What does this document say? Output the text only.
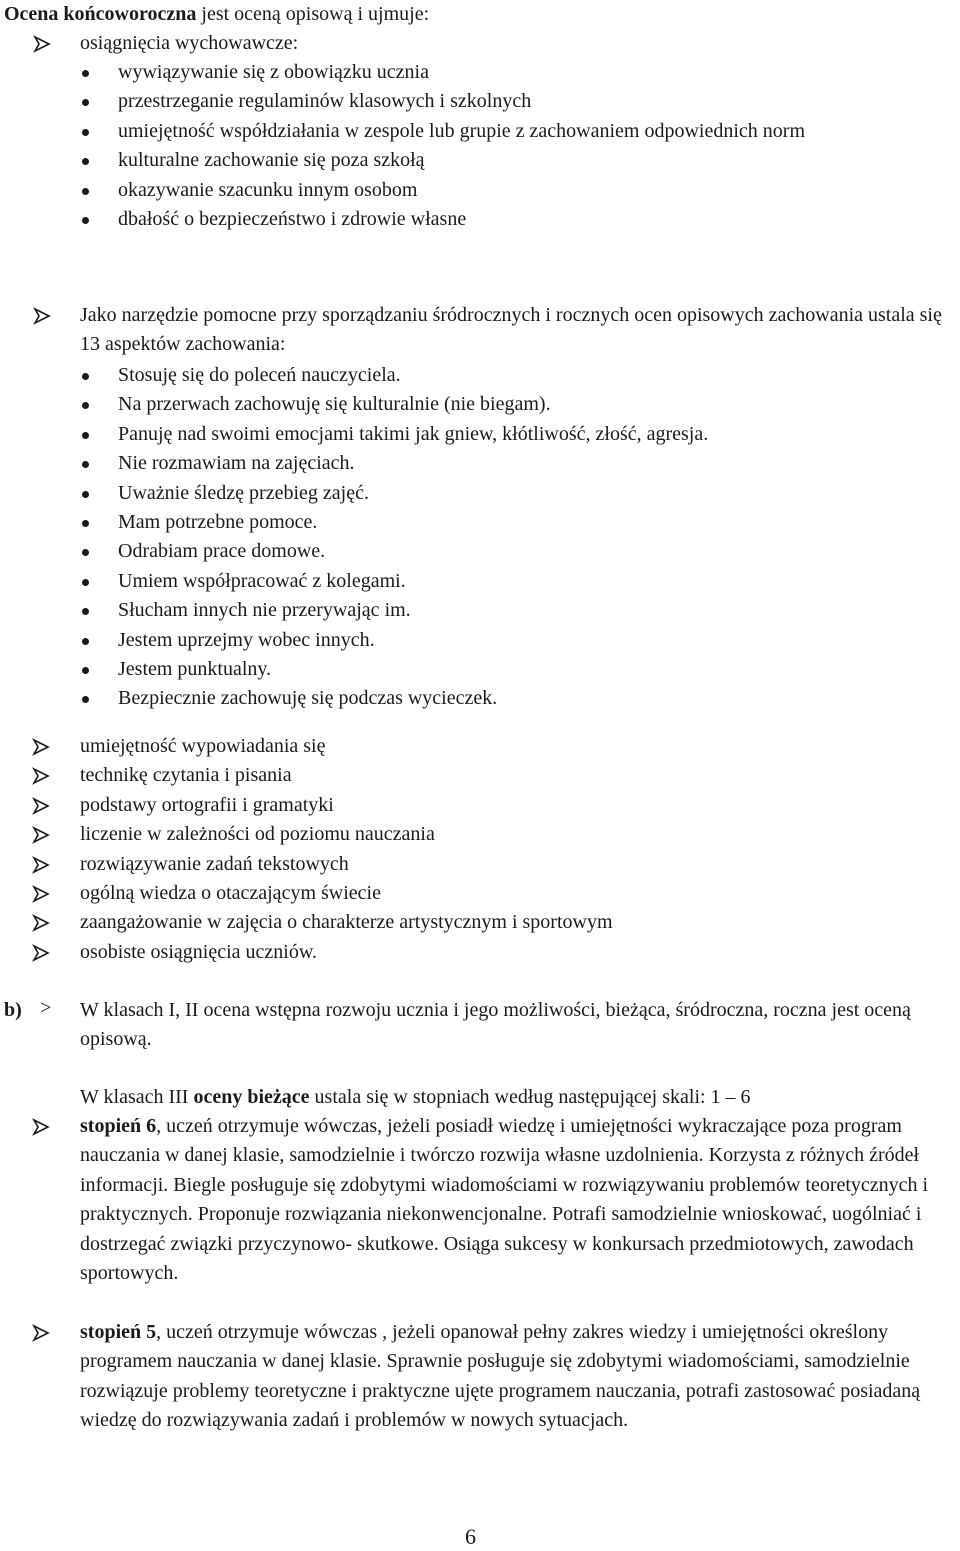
Ocena końcoworoczna jest oceną opisową i ujmuje:
osiągnięcia wychowawcze:
wywiązywanie się z obowiązku ucznia
przestrzeganie regulaminów klasowych i szkolnych
umiejętność współdziałania w zespole lub grupie z zachowaniem odpowiednich norm
kulturalne zachowanie się poza szkołą
okazywanie szacunku innym osobom
dbałość o bezpieczeństwo i zdrowie własne
Jako narzędzie pomocne przy sporządzaniu śródrocznych i rocznych ocen opisowych zachowania ustala się 13 aspektów zachowania:
Stosuję się do poleceń nauczyciela.
Na przerwach zachowuję się kulturalnie (nie biegam).
Panuję nad swoimi emocjami takimi jak gniew, kłótliwość, złość, agresja.
Nie rozmawiam na zajęciach.
Uważnie śledzę przebieg zajęć.
Mam potrzebne pomoce.
Odrabiam prace domowe.
Umiem współpracować z kolegami.
Słucham innych nie przerywając im.
Jestem uprzejmy wobec innych.
Jestem punktualny.
Bezpiecznie zachowuję się podczas wycieczek.
umiejętność wypowiadania się
technikę czytania i pisania
podstawy ortografii i gramatyki
liczenie w zależności od poziomu nauczania
rozwiązywanie zadań tekstowych
ogólną wiedza o otaczającym świecie
zaangażowanie w zajęcia o charakterze artystycznym i sportowym
osobiste osiągnięcia uczniów.
b) > W klasach I, II ocena wstępna rozwoju ucznia i jego możliwości, bieżąca, śródroczna, roczna jest oceną opisową.
W klasach III oceny bieżące ustala się w stopniach według następującej skali: 1 – 6
stopień 6, uczeń otrzymuje wówczas, jeżeli posiadł wiedzę i umiejętności wykraczające poza program nauczania w danej klasie, samodzielnie i twórczo rozwija własne uzdolnienia. Korzysta z różnych źródeł informacji. Biegle posługuje się zdobytymi wiadomościami w rozwiązywaniu problemów teoretycznych i praktycznych. Proponuje rozwiązania niekonwencjonalne. Potrafi samodzielnie wnioskować, uogólniać i dostrzegać związki przyczynowo- skutkowe. Osiąga sukcesy w konkursach przedmiotowych, zawodach sportowych.
stopień 5, uczeń otrzymuje wówczas , jeżeli opanował pełny zakres wiedzy i umiejętności określony programem nauczania w danej klasie. Sprawnie posługuje się zdobytymi wiadomościami, samodzielnie rozwiązuje problemy teoretyczne i praktyczne ujęte programem nauczania, potrafi zastosować posiadaną wiedzę do rozwiązywania zadań i problemów w nowych sytuacjach.
6
